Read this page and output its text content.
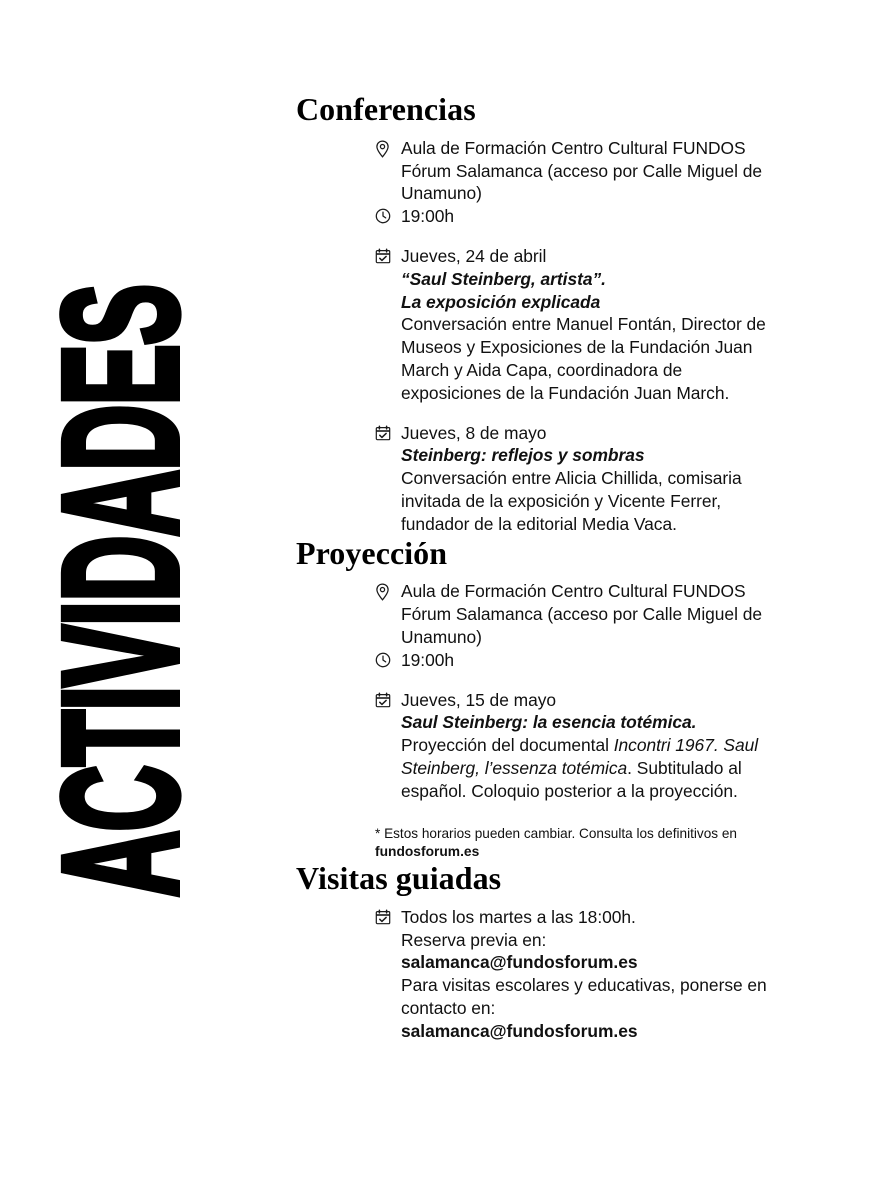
ACTIVIDADES
Conferencias
Aula de Formación Centro Cultural FUNDOS Fórum Salamanca (acceso por Calle Miguel de Unamuno)
19:00h
Jueves, 24 de abril
“Saul Steinberg, artista”.
La exposición explicada
Conversación entre Manuel Fontán, Director de Museos y Exposiciones de la Fundación Juan March y Aida Capa, coordinadora de exposiciones de la Fundación Juan March.
Jueves, 8 de mayo
Steinberg: reflejos y sombras
Conversación entre Alicia Chillida, comisaria invitada de la exposición y Vicente Ferrer, fundador de la editorial Media Vaca.
Proyección
Aula de Formación Centro Cultural FUNDOS Fórum Salamanca (acceso por Calle Miguel de Unamuno)
19:00h
Jueves, 15 de mayo
Saul Steinberg: la esencia totémica.
Proyección del documental Incontri 1967. Saul Steinberg, l’essenza totémica. Subtitulado al español. Coloquio posterior a la proyección.
* Estos horarios pueden cambiar. Consulta los definitivos en
fundosforum.es
Visitas guiadas
Todos los martes a las 18:00h.
Reserva previa en:
salamanca@fundosforum.es
Para visitas escolares y educativas, ponerse en contacto en:
salamanca@fundosforum.es
